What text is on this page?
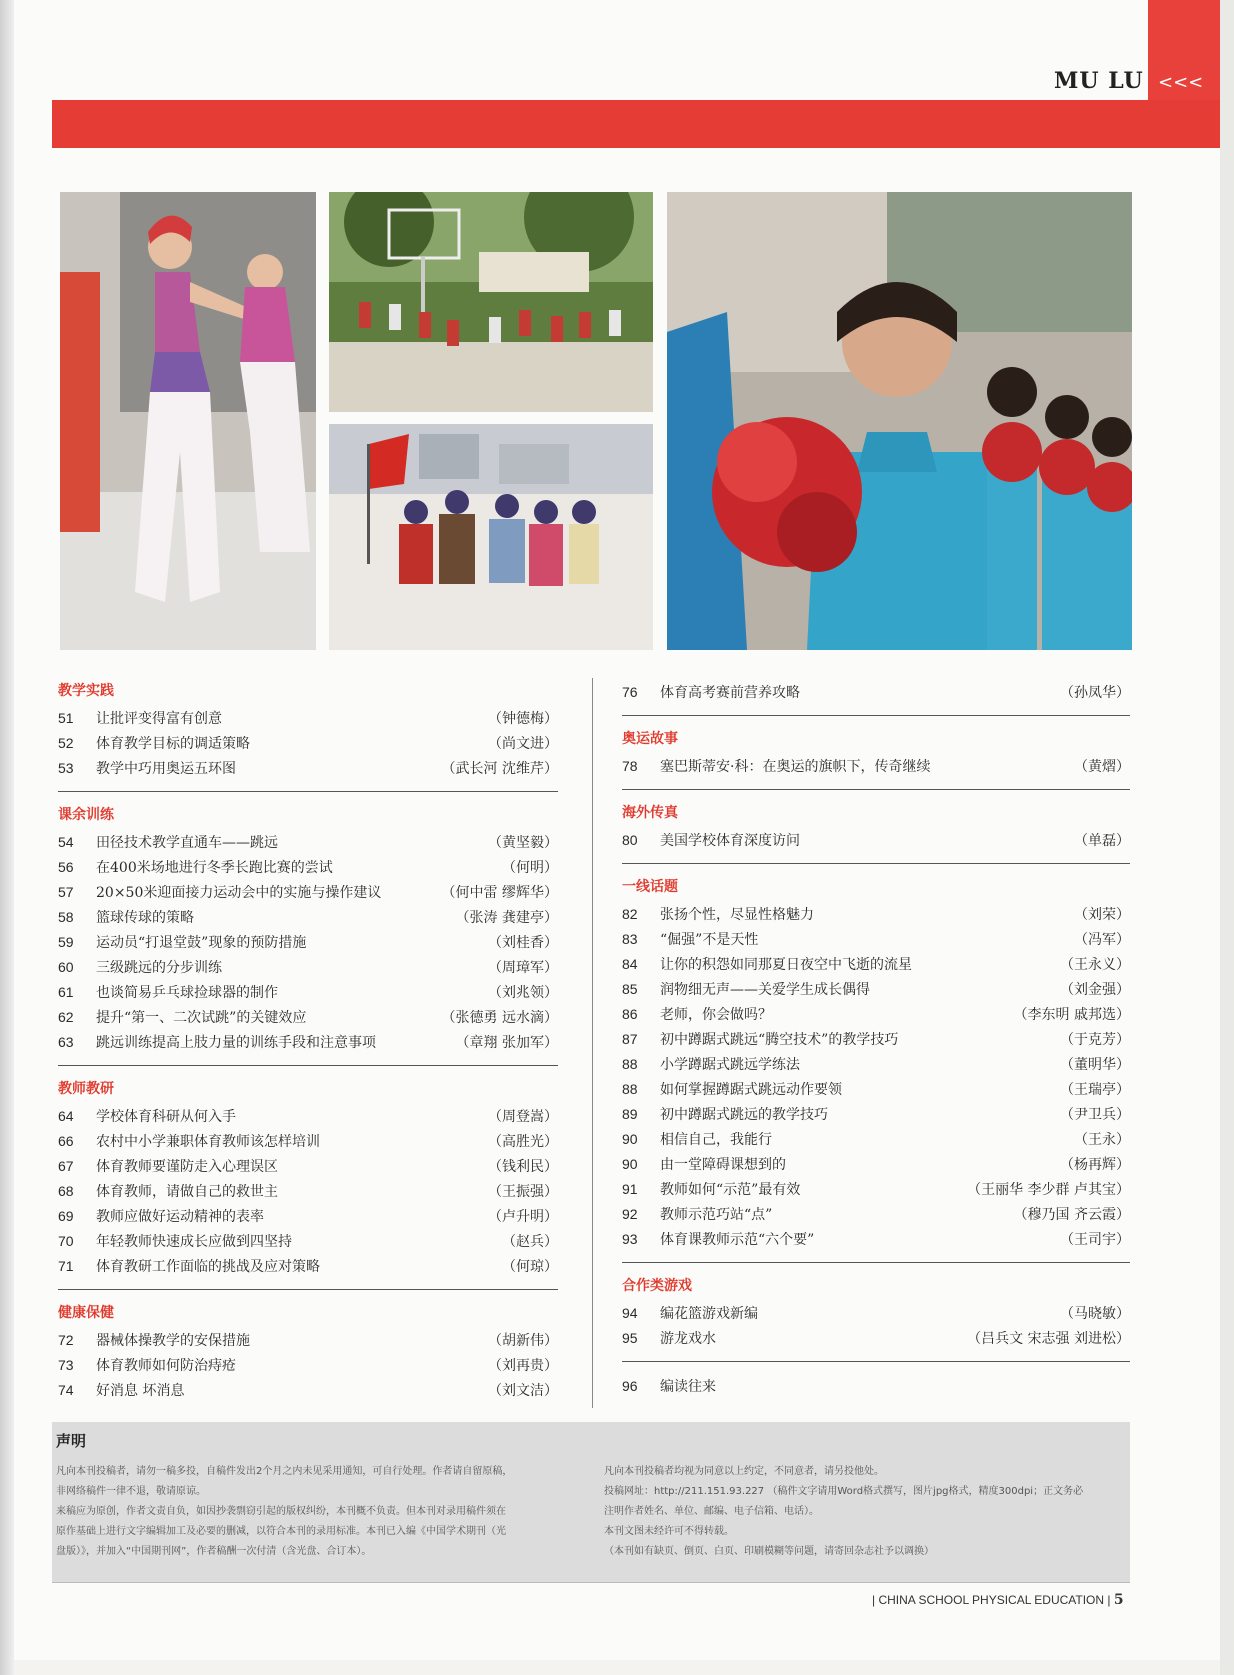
MU LU <<<
教学实践
51	让批评变得富有创意	（钟德梅）
52	体育教学目标的调适策略	（尚文进）
53	教学中巧用奥运五环图	（武长河 沈维芹）
课余训练
54	田径技术教学直通车——跳远	（黄坚毅）
56	在400米场地进行冬季长跑比赛的尝试	（何明）
57	20×50米迎面接力运动会中的实施与操作建议	（何中雷 缪辉华）
58	篮球传球的策略	（张涛 龚建亭）
59	运动员“打退堂鼓”现象的预防措施	（刘桂香）
60	三级跳远的分步训练	（周璋军）
61	也谈简易乒乓球捡球器的制作	（刘兆领）
62	提升“第一、二次试跳”的关键效应	（张德勇 远水滴）
63	跳远训练提高上肢力量的训练手段和注意事项	（章翔 张加军）
教师教研
64	学校体育科研从何入手	（周登嵩）
66	农村中小学兼职体育教师该怎样培训	（高胜光）
67	体育教师要谨防走入心理误区	（钱利民）
68	体育教师，请做自己的救世主	（王振强）
69	教师应做好运动精神的表率	（卢升明）
70	年轻教师快速成长应做到四坚持	（赵兵）
71	体育教研工作面临的挑战及应对策略	（何琼）
健康保健
72	器械体操教学的安保措施	（胡新伟）
73	体育教师如何防治痔疮	（刘再贵）
74	好消息 坏消息	（刘文洁）
76	体育高考赛前营养攻略	（孙凤华）
奥运故事
78	塞巴斯蒂安·科：在奥运的旗帜下，传奇继续	（黄熠）
海外传真
80	美国学校体育深度访问	（单磊）
一线话题
82	张扬个性，尽显性格魅力	（刘荣）
83	“倔强”不是天性	（冯军）
84	让你的积怨如同那夏日夜空中飞逝的流星	（王永义）
85	润物细无声——关爱学生成长偶得	（刘金强）
86	老师，你会做吗？	（李东明 戚邦选）
87	初中蹲踞式跳远“腾空技术”的教学技巧	（于克芳）
88	小学蹲踞式跳远学练法	（董明华）
88	如何掌握蹲踞式跳远动作要领	（王瑞亭）
89	初中蹲踞式跳远的教学技巧	（尹卫兵）
90	相信自己，我能行	（王永）
90	由一堂障碍课想到的	（杨再辉）
91	教师如何“示范”最有效	（王丽华 李少群 卢其宝）
92	教师示范巧站“点”	（穆乃国 齐云霞）
93	体育课教师示范“六个要”	（王司宇）
合作类游戏
94	编花篮游戏新编	（马晓敏）
95	游龙戏水	（吕兵文 宋志强 刘进松）
96	编读往来
声明
凡向本刊投稿者，请勿一稿多投，自稿件发出2个月之内未见采用通知，可自行处理。作者请自留原稿，
非网络稿件一律不退，敬请原谅。
来稿应为原创，作者文责自负，如因抄袭剽窃引起的版权纠纷，本刊概不负责。但本刊对录用稿件须在
原作基础上进行文字编辑加工及必要的删减，以符合本刊的录用标准。本刊已入编《中国学术期刊（光
盘版）》，并加入“中国期刊网”，作者稿酬一次付清（含光盘、合订本）。
凡向本刊投稿者均视为同意以上约定，不同意者，请另投他处。
投稿网址：http://211.151.93.227 （稿件文字请用Word格式撰写，图片jpg格式，精度300dpi；正文务必
注明作者姓名、单位、邮编、电子信箱、电话）。
本刊文图未经许可不得转载。
（本刊如有缺页、倒页、白页、印刷模糊等问题，请寄回杂志社予以调换）
| CHINA SCHOOL PHYSICAL EDUCATION | 5
